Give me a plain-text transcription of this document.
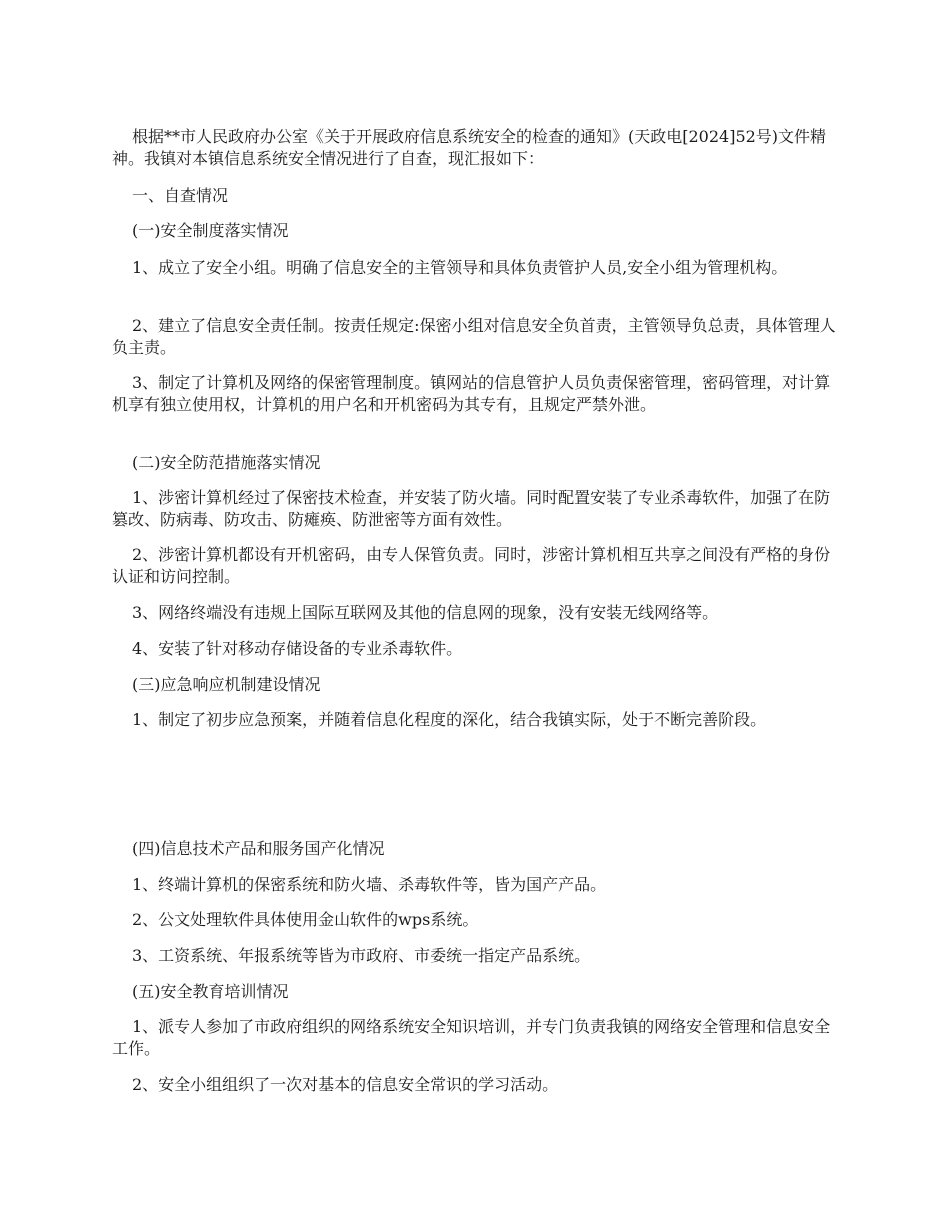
根据**市人民政府办公室《关于开展政府信息系统安全的检查的通知》(天政电[2024]52号)文件精神。我镇对本镇信息系统安全情况进行了自查，现汇报如下：

一、自查情况

(一)安全制度落实情况

1、成立了安全小组。明确了信息安全的主管领导和具体负责管护人员,安全小组为管理机构。

2、建立了信息安全责任制。按责任规定:保密小组对信息安全负首责，主管领导负总责，具体管理人负主责。

3、制定了计算机及网络的保密管理制度。镇网站的信息管护人员负责保密管理，密码管理，对计算机享有独立使用权，计算机的用户名和开机密码为其专有，且规定严禁外泄。

(二)安全防范措施落实情况

1、涉密计算机经过了保密技术检查，并安装了防火墙。同时配置安装了专业杀毒软件，加强了在防篡改、防病毒、防攻击、防瘫痪、防泄密等方面有效性。

2、涉密计算机都设有开机密码，由专人保管负责。同时，涉密计算机相互共享之间没有严格的身份认证和访问控制。

3、网络终端没有违规上国际互联网及其他的信息网的现象，没有安装无线网络等。

4、安装了针对移动存储设备的专业杀毒软件。

(三)应急响应机制建设情况

1、制定了初步应急预案，并随着信息化程度的深化，结合我镇实际，处于不断完善阶段。

(四)信息技术产品和服务国产化情况

1、终端计算机的保密系统和防火墙、杀毒软件等，皆为国产产品。

2、公文处理软件具体使用金山软件的wps系统。

3、工资系统、年报系统等皆为市政府、市委统一指定产品系统。

(五)安全教育培训情况

1、派专人参加了市政府组织的网络系统安全知识培训，并专门负责我镇的网络安全管理和信息安全工作。

2、安全小组组织了一次对基本的信息安全常识的学习活动。
